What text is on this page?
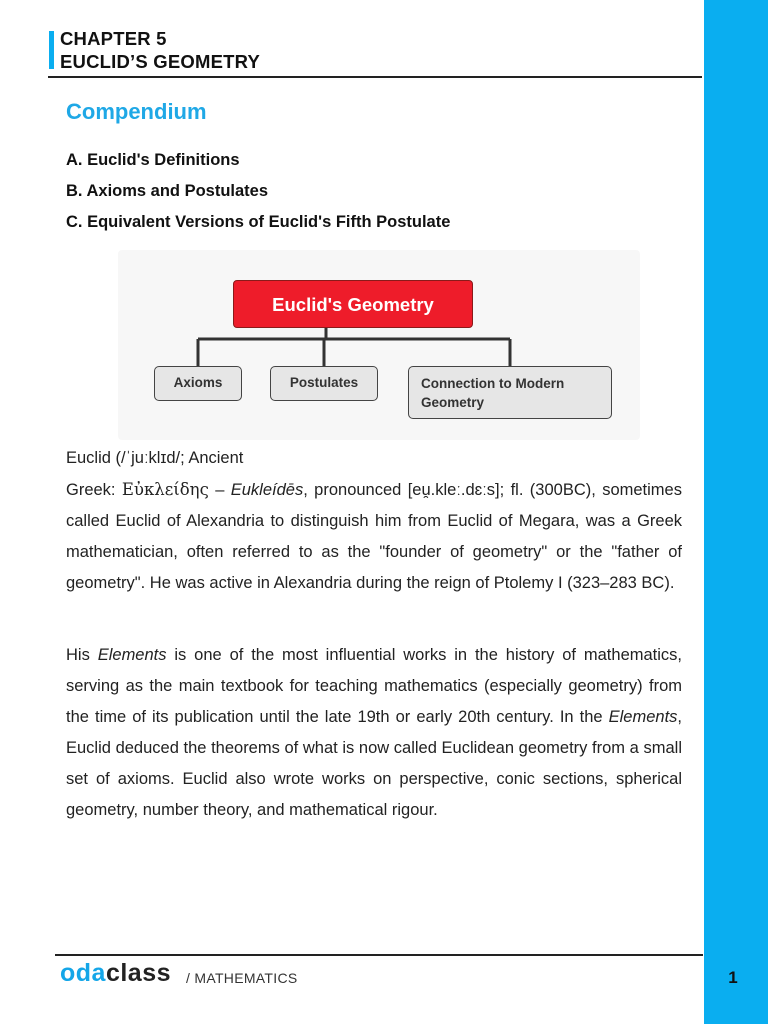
1
CHAPTER 5
EUCLID’S GEOMETRY
Compendium
A. Euclid's Definitions
B. Axioms and Postulates
C. Equivalent Versions of Euclid's Fifth Postulate
Euclid's Geometry
Axioms	Postulates	Connection to Modern Geometry

Euclid (/ˈjuːklɪd/; Ancient
Greek: Εὐκλείδης – Eukleídēs, pronounced [eu̯.kleː.dɛːs]; fl. (300BC), sometimes called Euclid of Alexandria to distinguish him from Euclid of Megara, was a Greek mathematician, often referred to as the "founder of geometry" or the "father of geometry". He was active in Alexandria during the reign of Ptolemy I (323–283 BC).

His Elements is one of the most influential works in the history of mathematics, serving as the main textbook for teaching mathematics (especially geometry) from the time of its publication until the late 19th or early 20th century. In the Elements, Euclid deduced the theorems of what is now called Euclidean geometry from a small set of axioms. Euclid also wrote works on perspective, conic sections, spherical geometry, number theory, and mathematical rigour.

odaclass / MATHEMATICS
